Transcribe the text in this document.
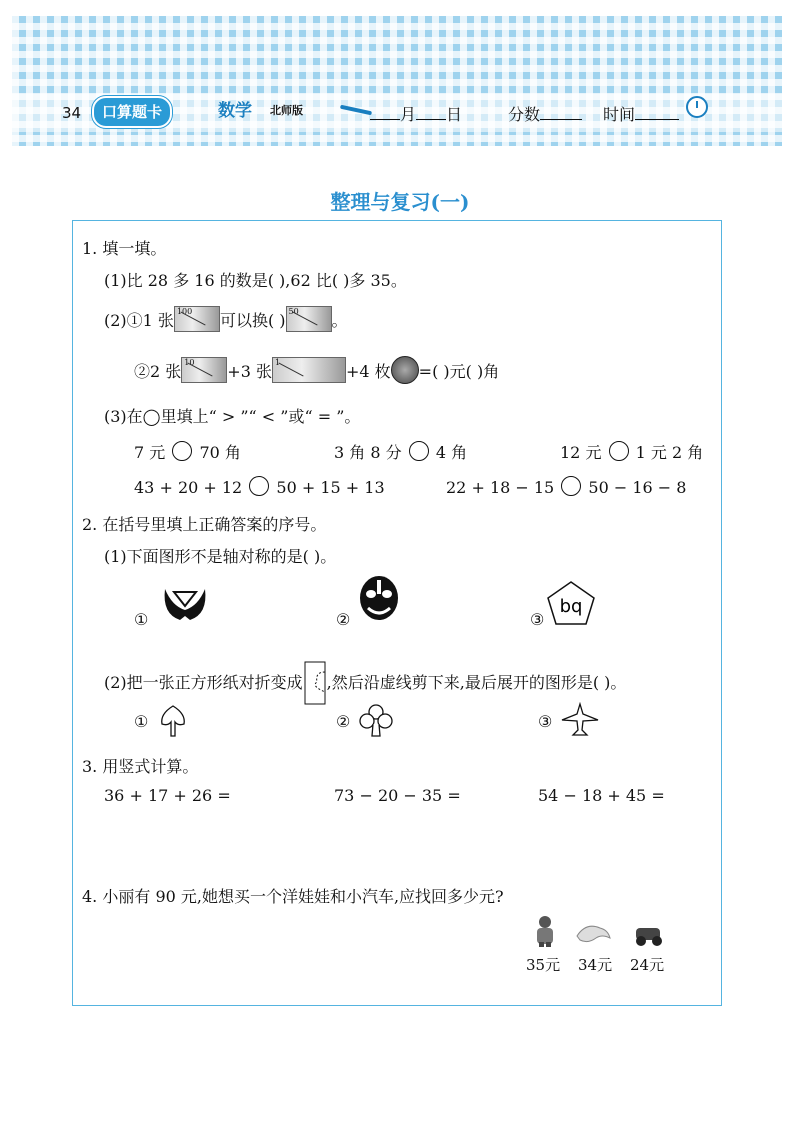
34	口算题卡	数学 北师版	月 日	分数	时间
整理与复习(一)
1. 填一填。
(1)比 28 多 16 的数是( ),62 比( )多 35。
(2)①1 张 100 可以换( ) 50 。
②2 张 10 +3 张 1	+4 枚 =( )元( )角
(3)在◯里填上“ > ”“ < ”或“ = ”。
7 元 70 角	3 角 8 分 4 角	12 元 1 元 2 角
43 + 20 + 12 50 + 15 + 13	22 + 18 − 15 50 − 16 − 8
2. 在括号里填上正确答案的序号。
(1)下面图形不是轴对称的是( )。
①	②	③
bq
(2)把一张正方形纸对折变成 ,然后沿虚线剪下来,最后展开的图形是( )。
①	②	③
3. 用竖式计算。
36 + 17 + 26 =	73 − 20 − 35 =	54 − 18 + 45 =
4. 小丽有 90 元,她想买一个洋娃娃和小汽车,应找回多少元?
35元 34元 24元
